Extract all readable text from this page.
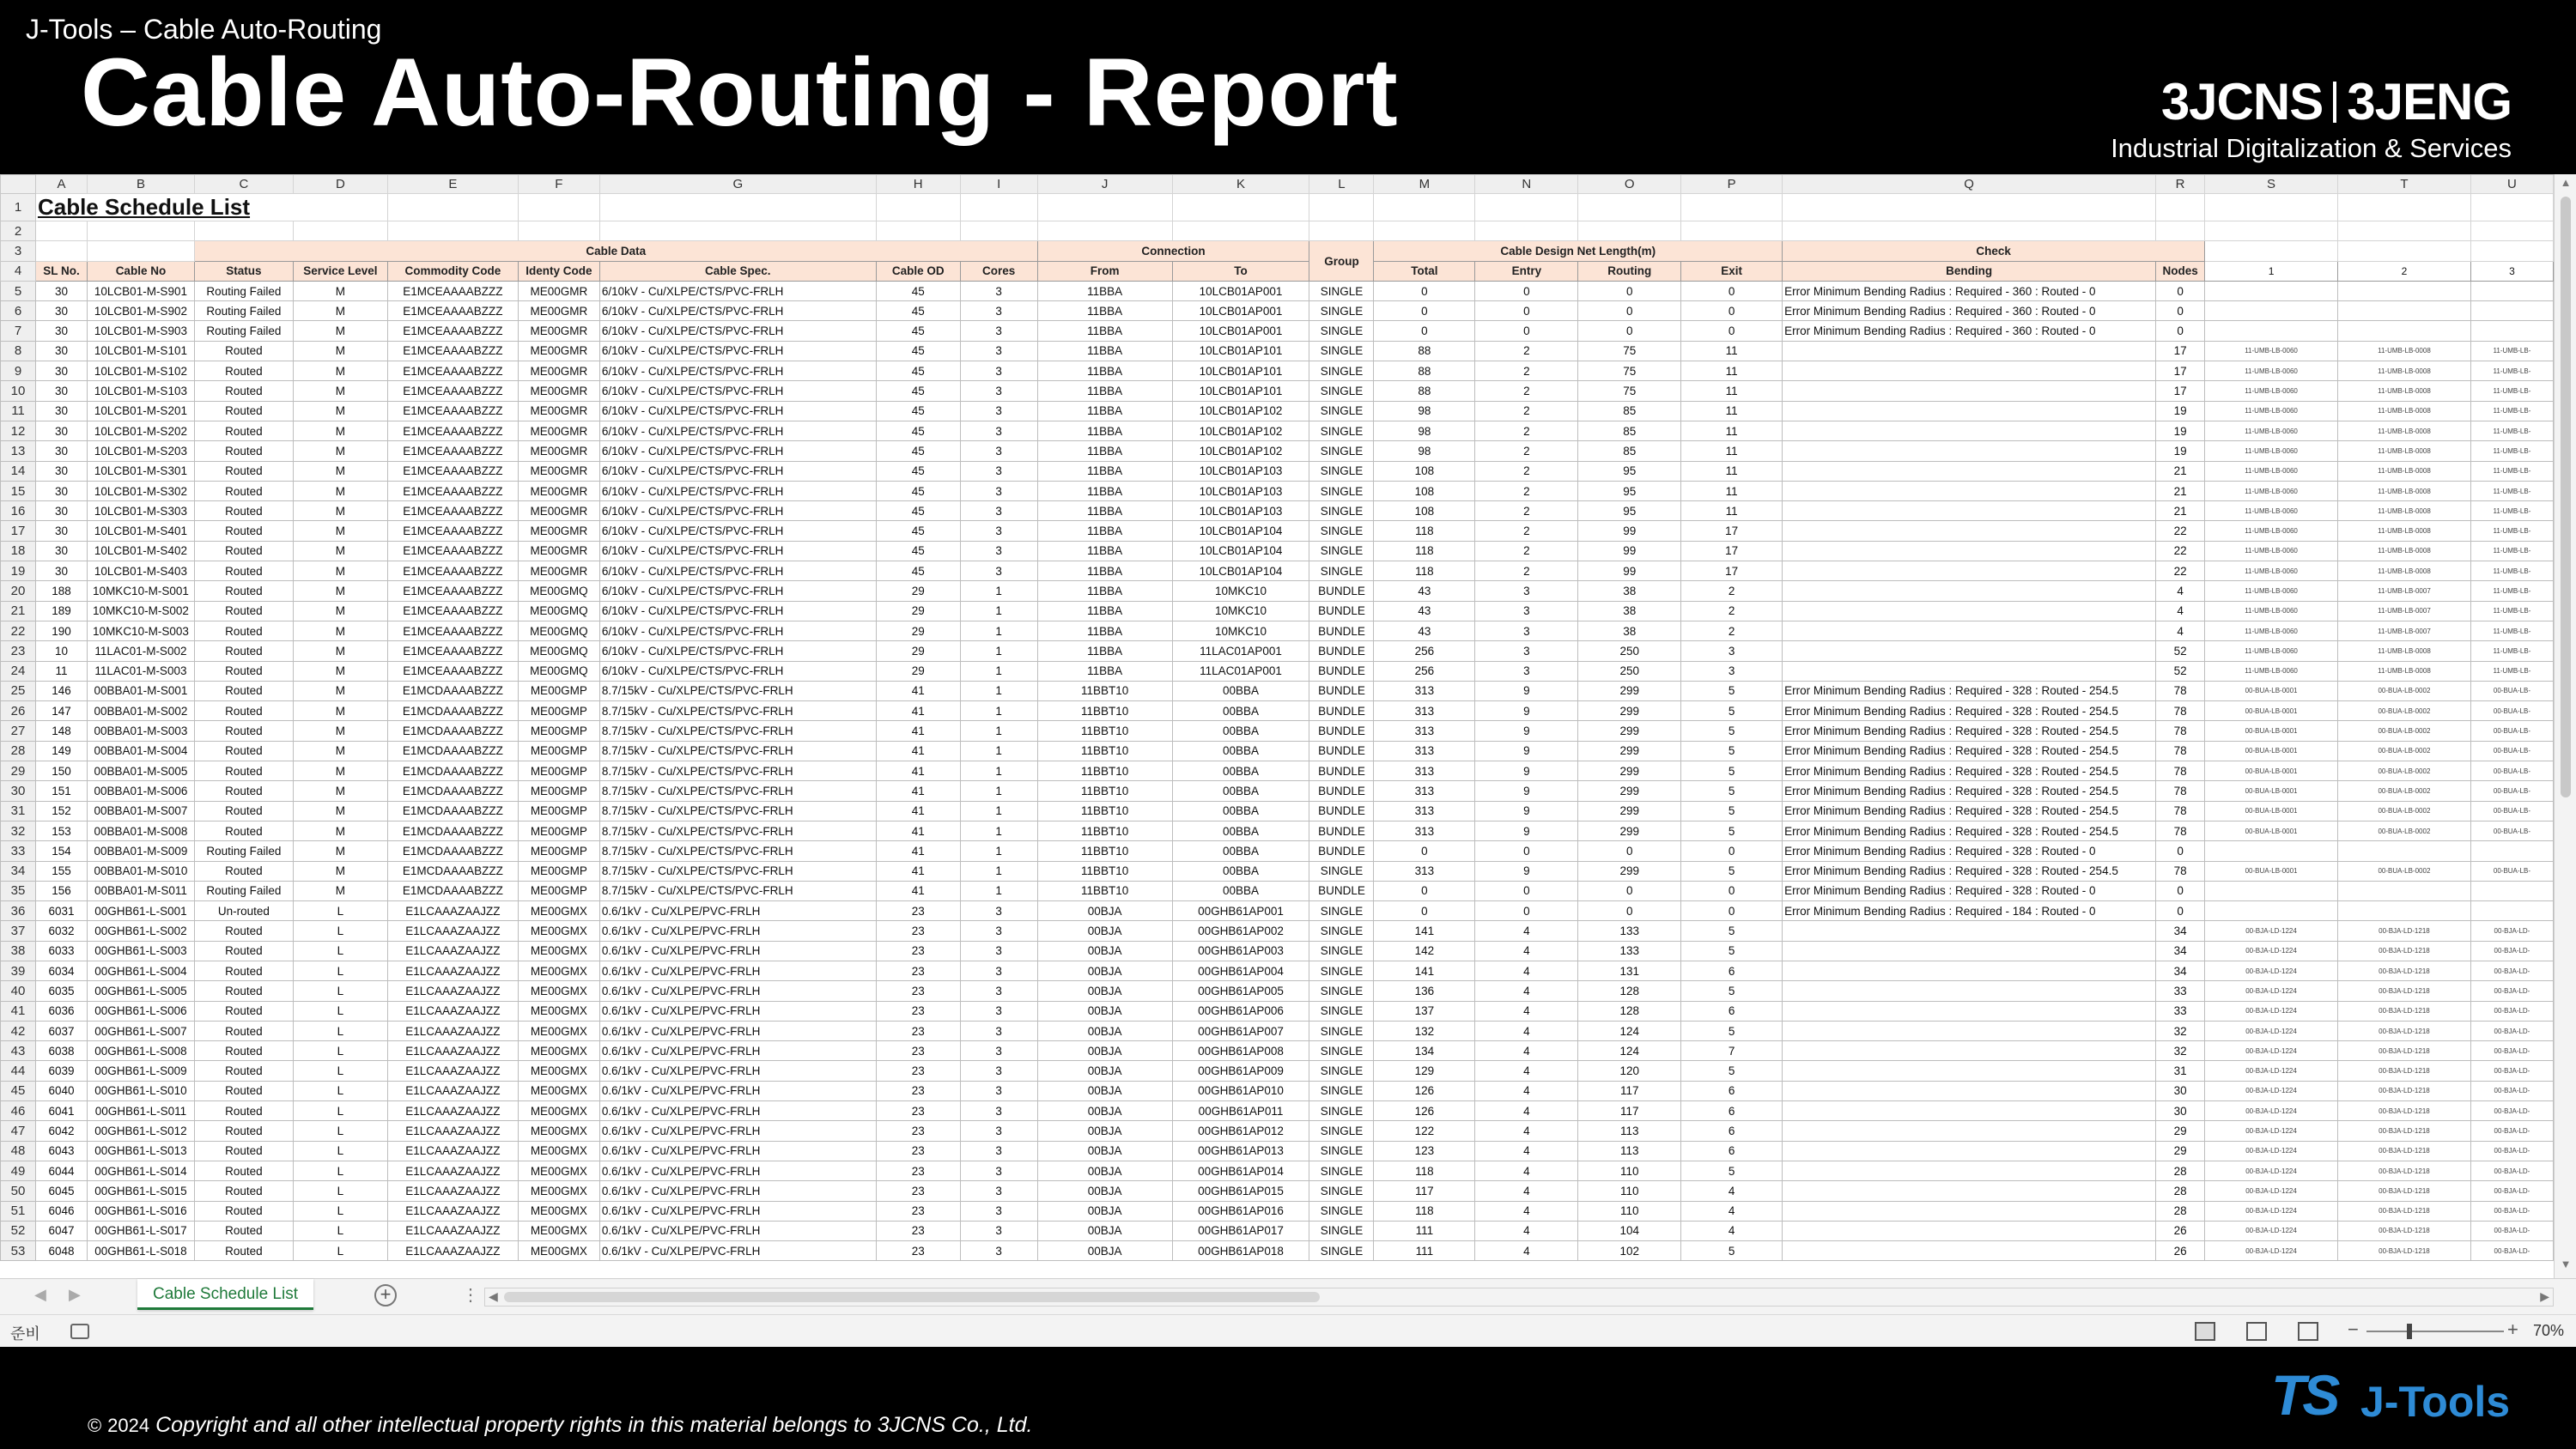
J-Tools – Cable Auto-Routing
Cable Auto-Routing - Report	3JCNS 3JENG
Industrial Digitalization & Services
	A	B	C	D	E	F	G	H	I	J	K	L	M	N	O	P	Q	R	S	T	U
1	Cable Schedule List																				
2																					
3			Cable Data							Connection		Group	Cable Design Net Length(m)				Check				
4	SL No.	Cable No	Status	Service Level	Commodity Code	Identy Code	Cable Spec.	Cable OD	Cores	From	To		Total	Entry	Routing	Exit	Bending	Nodes	1	2	3
5	30	10LCB01-M-S901	Routing Failed	M	E1MCEAAAABZZZ	ME00GMR	6/10kV - Cu/XLPE/CTS/PVC-FRLH	45	3	11BBA	10LCB01AP001	SINGLE	0	0	0	0	Error Minimum Bending Radius : Required - 360 : Routed - 0	0			
6	30	10LCB01-M-S902	Routing Failed	M	E1MCEAAAABZZZ	ME00GMR	6/10kV - Cu/XLPE/CTS/PVC-FRLH	45	3	11BBA	10LCB01AP001	SINGLE	0	0	0	0	Error Minimum Bending Radius : Required - 360 : Routed - 0	0			
7	30	10LCB01-M-S903	Routing Failed	M	E1MCEAAAABZZZ	ME00GMR	6/10kV - Cu/XLPE/CTS/PVC-FRLH	45	3	11BBA	10LCB01AP001	SINGLE	0	0	0	0	Error Minimum Bending Radius : Required - 360 : Routed - 0	0			
8	30	10LCB01-M-S101	Routed	M	E1MCEAAAABZZZ	ME00GMR	6/10kV - Cu/XLPE/CTS/PVC-FRLH	45	3	11BBA	10LCB01AP101	SINGLE	88	2	75	11		17	11-UMB-LB-0060	11-UMB-LB-0008	11-UMB-LB-
9	30	10LCB01-M-S102	Routed	M	E1MCEAAAABZZZ	ME00GMR	6/10kV - Cu/XLPE/CTS/PVC-FRLH	45	3	11BBA	10LCB01AP101	SINGLE	88	2	75	11		17	11-UMB-LB-0060	11-UMB-LB-0008	11-UMB-LB-
10	30	10LCB01-M-S103	Routed	M	E1MCEAAAABZZZ	ME00GMR	6/10kV - Cu/XLPE/CTS/PVC-FRLH	45	3	11BBA	10LCB01AP101	SINGLE	88	2	75	11		17	11-UMB-LB-0060	11-UMB-LB-0008	11-UMB-LB-
11	30	10LCB01-M-S201	Routed	M	E1MCEAAAABZZZ	ME00GMR	6/10kV - Cu/XLPE/CTS/PVC-FRLH	45	3	11BBA	10LCB01AP102	SINGLE	98	2	85	11		19	11-UMB-LB-0060	11-UMB-LB-0008	11-UMB-LB-
12	30	10LCB01-M-S202	Routed	M	E1MCEAAAABZZZ	ME00GMR	6/10kV - Cu/XLPE/CTS/PVC-FRLH	45	3	11BBA	10LCB01AP102	SINGLE	98	2	85	11		19	11-UMB-LB-0060	11-UMB-LB-0008	11-UMB-LB-
13	30	10LCB01-M-S203	Routed	M	E1MCEAAAABZZZ	ME00GMR	6/10kV - Cu/XLPE/CTS/PVC-FRLH	45	3	11BBA	10LCB01AP102	SINGLE	98	2	85	11		19	11-UMB-LB-0060	11-UMB-LB-0008	11-UMB-LB-
14	30	10LCB01-M-S301	Routed	M	E1MCEAAAABZZZ	ME00GMR	6/10kV - Cu/XLPE/CTS/PVC-FRLH	45	3	11BBA	10LCB01AP103	SINGLE	108	2	95	11		21	11-UMB-LB-0060	11-UMB-LB-0008	11-UMB-LB-
15	30	10LCB01-M-S302	Routed	M	E1MCEAAAABZZZ	ME00GMR	6/10kV - Cu/XLPE/CTS/PVC-FRLH	45	3	11BBA	10LCB01AP103	SINGLE	108	2	95	11		21	11-UMB-LB-0060	11-UMB-LB-0008	11-UMB-LB-
16	30	10LCB01-M-S303	Routed	M	E1MCEAAAABZZZ	ME00GMR	6/10kV - Cu/XLPE/CTS/PVC-FRLH	45	3	11BBA	10LCB01AP103	SINGLE	108	2	95	11		21	11-UMB-LB-0060	11-UMB-LB-0008	11-UMB-LB-
17	30	10LCB01-M-S401	Routed	M	E1MCEAAAABZZZ	ME00GMR	6/10kV - Cu/XLPE/CTS/PVC-FRLH	45	3	11BBA	10LCB01AP104	SINGLE	118	2	99	17		22	11-UMB-LB-0060	11-UMB-LB-0008	11-UMB-LB-
18	30	10LCB01-M-S402	Routed	M	E1MCEAAAABZZZ	ME00GMR	6/10kV - Cu/XLPE/CTS/PVC-FRLH	45	3	11BBA	10LCB01AP104	SINGLE	118	2	99	17		22	11-UMB-LB-0060	11-UMB-LB-0008	11-UMB-LB-
19	30	10LCB01-M-S403	Routed	M	E1MCEAAAABZZZ	ME00GMR	6/10kV - Cu/XLPE/CTS/PVC-FRLH	45	3	11BBA	10LCB01AP104	SINGLE	118	2	99	17		22	11-UMB-LB-0060	11-UMB-LB-0008	11-UMB-LB-
20	188	10MKC10-M-S001	Routed	M	E1MCEAAAABZZZ	ME00GMQ	6/10kV - Cu/XLPE/CTS/PVC-FRLH	29	1	11BBA	10MKC10	BUNDLE	43	3	38	2		4	11-UMB-LB-0060	11-UMB-LB-0007	11-UMB-LB-
21	189	10MKC10-M-S002	Routed	M	E1MCEAAAABZZZ	ME00GMQ	6/10kV - Cu/XLPE/CTS/PVC-FRLH	29	1	11BBA	10MKC10	BUNDLE	43	3	38	2		4	11-UMB-LB-0060	11-UMB-LB-0007	11-UMB-LB-
22	190	10MKC10-M-S003	Routed	M	E1MCEAAAABZZZ	ME00GMQ	6/10kV - Cu/XLPE/CTS/PVC-FRLH	29	1	11BBA	10MKC10	BUNDLE	43	3	38	2		4	11-UMB-LB-0060	11-UMB-LB-0007	11-UMB-LB-
23	10	11LAC01-M-S002	Routed	M	E1MCEAAAABZZZ	ME00GMQ	6/10kV - Cu/XLPE/CTS/PVC-FRLH	29	1	11BBA	11LAC01AP001	BUNDLE	256	3	250	3		52	11-UMB-LB-0060	11-UMB-LB-0008	11-UMB-LB-
24	11	11LAC01-M-S003	Routed	M	E1MCEAAAABZZZ	ME00GMQ	6/10kV - Cu/XLPE/CTS/PVC-FRLH	29	1	11BBA	11LAC01AP001	BUNDLE	256	3	250	3		52	11-UMB-LB-0060	11-UMB-LB-0008	11-UMB-LB-
25	146	00BBA01-M-S001	Routed	M	E1MCDAAAABZZZ	ME00GMP	8.7/15kV - Cu/XLPE/CTS/PVC-FRLH	41	1	11BBT10	00BBA	BUNDLE	313	9	299	5	Error Minimum Bending Radius : Required - 328 : Routed - 254.5	78	00-BUA-LB-0001	00-BUA-LB-0002	00-BUA-LB-
26	147	00BBA01-M-S002	Routed	M	E1MCDAAAABZZZ	ME00GMP	8.7/15kV - Cu/XLPE/CTS/PVC-FRLH	41	1	11BBT10	00BBA	BUNDLE	313	9	299	5	Error Minimum Bending Radius : Required - 328 : Routed - 254.5	78	00-BUA-LB-0001	00-BUA-LB-0002	00-BUA-LB-
27	148	00BBA01-M-S003	Routed	M	E1MCDAAAABZZZ	ME00GMP	8.7/15kV - Cu/XLPE/CTS/PVC-FRLH	41	1	11BBT10	00BBA	BUNDLE	313	9	299	5	Error Minimum Bending Radius : Required - 328 : Routed - 254.5	78	00-BUA-LB-0001	00-BUA-LB-0002	00-BUA-LB-
28	149	00BBA01-M-S004	Routed	M	E1MCDAAAABZZZ	ME00GMP	8.7/15kV - Cu/XLPE/CTS/PVC-FRLH	41	1	11BBT10	00BBA	BUNDLE	313	9	299	5	Error Minimum Bending Radius : Required - 328 : Routed - 254.5	78	00-BUA-LB-0001	00-BUA-LB-0002	00-BUA-LB-
29	150	00BBA01-M-S005	Routed	M	E1MCDAAAABZZZ	ME00GMP	8.7/15kV - Cu/XLPE/CTS/PVC-FRLH	41	1	11BBT10	00BBA	BUNDLE	313	9	299	5	Error Minimum Bending Radius : Required - 328 : Routed - 254.5	78	00-BUA-LB-0001	00-BUA-LB-0002	00-BUA-LB-
30	151	00BBA01-M-S006	Routed	M	E1MCDAAAABZZZ	ME00GMP	8.7/15kV - Cu/XLPE/CTS/PVC-FRLH	41	1	11BBT10	00BBA	BUNDLE	313	9	299	5	Error Minimum Bending Radius : Required - 328 : Routed - 254.5	78	00-BUA-LB-0001	00-BUA-LB-0002	00-BUA-LB-
31	152	00BBA01-M-S007	Routed	M	E1MCDAAAABZZZ	ME00GMP	8.7/15kV - Cu/XLPE/CTS/PVC-FRLH	41	1	11BBT10	00BBA	BUNDLE	313	9	299	5	Error Minimum Bending Radius : Required - 328 : Routed - 254.5	78	00-BUA-LB-0001	00-BUA-LB-0002	00-BUA-LB-
32	153	00BBA01-M-S008	Routed	M	E1MCDAAAABZZZ	ME00GMP	8.7/15kV - Cu/XLPE/CTS/PVC-FRLH	41	1	11BBT10	00BBA	BUNDLE	313	9	299	5	Error Minimum Bending Radius : Required - 328 : Routed - 254.5	78	00-BUA-LB-0001	00-BUA-LB-0002	00-BUA-LB-
33	154	00BBA01-M-S009	Routing Failed	M	E1MCDAAAABZZZ	ME00GMP	8.7/15kV - Cu/XLPE/CTS/PVC-FRLH	41	1	11BBT10	00BBA	BUNDLE	0	0	0	0	Error Minimum Bending Radius : Required - 328 : Routed - 0	0			
34	155	00BBA01-M-S010	Routed	M	E1MCDAAAABZZZ	ME00GMP	8.7/15kV - Cu/XLPE/CTS/PVC-FRLH	41	1	11BBT10	00BBA	SINGLE	313	9	299	5	Error Minimum Bending Radius : Required - 328 : Routed - 254.5	78	00-BUA-LB-0001	00-BUA-LB-0002	00-BUA-LB-
35	156	00BBA01-M-S011	Routing Failed	M	E1MCDAAAABZZZ	ME00GMP	8.7/15kV - Cu/XLPE/CTS/PVC-FRLH	41	1	11BBT10	00BBA	BUNDLE	0	0	0	0	Error Minimum Bending Radius : Required - 328 : Routed - 0	0			
36	6031	00GHB61-L-S001	Un-routed	L	E1LCAAAZAAJZZ	ME00GMX	0.6/1kV - Cu/XLPE/PVC-FRLH	23	3	00BJA	00GHB61AP001	SINGLE	0	0	0	0	Error Minimum Bending Radius : Required - 184 : Routed - 0	0			
37	6032	00GHB61-L-S002	Routed	L	E1LCAAAZAAJZZ	ME00GMX	0.6/1kV - Cu/XLPE/PVC-FRLH	23	3	00BJA	00GHB61AP002	SINGLE	141	4	133	5		34	00-BJA-LD-1224	00-BJA-LD-1218	00-BJA-LD-
38	6033	00GHB61-L-S003	Routed	L	E1LCAAAZAAJZZ	ME00GMX	0.6/1kV - Cu/XLPE/PVC-FRLH	23	3	00BJA	00GHB61AP003	SINGLE	142	4	133	5		34	00-BJA-LD-1224	00-BJA-LD-1218	00-BJA-LD-
39	6034	00GHB61-L-S004	Routed	L	E1LCAAAZAAJZZ	ME00GMX	0.6/1kV - Cu/XLPE/PVC-FRLH	23	3	00BJA	00GHB61AP004	SINGLE	141	4	131	6		34	00-BJA-LD-1224	00-BJA-LD-1218	00-BJA-LD-
40	6035	00GHB61-L-S005	Routed	L	E1LCAAAZAAJZZ	ME00GMX	0.6/1kV - Cu/XLPE/PVC-FRLH	23	3	00BJA	00GHB61AP005	SINGLE	136	4	128	5		33	00-BJA-LD-1224	00-BJA-LD-1218	00-BJA-LD-
41	6036	00GHB61-L-S006	Routed	L	E1LCAAAZAAJZZ	ME00GMX	0.6/1kV - Cu/XLPE/PVC-FRLH	23	3	00BJA	00GHB61AP006	SINGLE	137	4	128	6		33	00-BJA-LD-1224	00-BJA-LD-1218	00-BJA-LD-
42	6037	00GHB61-L-S007	Routed	L	E1LCAAAZAAJZZ	ME00GMX	0.6/1kV - Cu/XLPE/PVC-FRLH	23	3	00BJA	00GHB61AP007	SINGLE	132	4	124	5		32	00-BJA-LD-1224	00-BJA-LD-1218	00-BJA-LD-
43	6038	00GHB61-L-S008	Routed	L	E1LCAAAZAAJZZ	ME00GMX	0.6/1kV - Cu/XLPE/PVC-FRLH	23	3	00BJA	00GHB61AP008	SINGLE	134	4	124	7		32	00-BJA-LD-1224	00-BJA-LD-1218	00-BJA-LD-
44	6039	00GHB61-L-S009	Routed	L	E1LCAAAZAAJZZ	ME00GMX	0.6/1kV - Cu/XLPE/PVC-FRLH	23	3	00BJA	00GHB61AP009	SINGLE	129	4	120	5		31	00-BJA-LD-1224	00-BJA-LD-1218	00-BJA-LD-
45	6040	00GHB61-L-S010	Routed	L	E1LCAAAZAAJZZ	ME00GMX	0.6/1kV - Cu/XLPE/PVC-FRLH	23	3	00BJA	00GHB61AP010	SINGLE	126	4	117	6		30	00-BJA-LD-1224	00-BJA-LD-1218	00-BJA-LD-
46	6041	00GHB61-L-S011	Routed	L	E1LCAAAZAAJZZ	ME00GMX	0.6/1kV - Cu/XLPE/PVC-FRLH	23	3	00BJA	00GHB61AP011	SINGLE	126	4	117	6		30	00-BJA-LD-1224	00-BJA-LD-1218	00-BJA-LD-
47	6042	00GHB61-L-S012	Routed	L	E1LCAAAZAAJZZ	ME00GMX	0.6/1kV - Cu/XLPE/PVC-FRLH	23	3	00BJA	00GHB61AP012	SINGLE	122	4	113	6		29	00-BJA-LD-1224	00-BJA-LD-1218	00-BJA-LD-
48	6043	00GHB61-L-S013	Routed	L	E1LCAAAZAAJZZ	ME00GMX	0.6/1kV - Cu/XLPE/PVC-FRLH	23	3	00BJA	00GHB61AP013	SINGLE	123	4	113	6		29	00-BJA-LD-1224	00-BJA-LD-1218	00-BJA-LD-
49	6044	00GHB61-L-S014	Routed	L	E1LCAAAZAAJZZ	ME00GMX	0.6/1kV - Cu/XLPE/PVC-FRLH	23	3	00BJA	00GHB61AP014	SINGLE	118	4	110	5		28	00-BJA-LD-1224	00-BJA-LD-1218	00-BJA-LD-
50	6045	00GHB61-L-S015	Routed	L	E1LCAAAZAAJZZ	ME00GMX	0.6/1kV - Cu/XLPE/PVC-FRLH	23	3	00BJA	00GHB61AP015	SINGLE	117	4	110	4		28	00-BJA-LD-1224	00-BJA-LD-1218	00-BJA-LD-
51	6046	00GHB61-L-S016	Routed	L	E1LCAAAZAAJZZ	ME00GMX	0.6/1kV - Cu/XLPE/PVC-FRLH	23	3	00BJA	00GHB61AP016	SINGLE	118	4	110	4		28	00-BJA-LD-1224	00-BJA-LD-1218	00-BJA-LD-
52	6047	00GHB61-L-S017	Routed	L	E1LCAAAZAAJZZ	ME00GMX	0.6/1kV - Cu/XLPE/PVC-FRLH	23	3	00BJA	00GHB61AP017	SINGLE	111	4	104	4		26	00-BJA-LD-1224	00-BJA-LD-1218	00-BJA-LD-
53	6048	00GHB61-L-S018	Routed	L	E1LCAAAZAAJZZ	ME00GMX	0.6/1kV - Cu/XLPE/PVC-FRLH	23	3	00BJA	00GHB61AP018	SINGLE	111	4	102	5		26	00-BJA-LD-1224	00-BJA-LD-1218	00-BJA-LD-
▲
▼
◀ ▶	Cable Schedule List	+	⋮ ◀	▶
준비	−	+ 70%
© 2024 Copyright and all other intellectual property rights in this material belongs to 3JCNS Co., Ltd.	TS J-Tools
